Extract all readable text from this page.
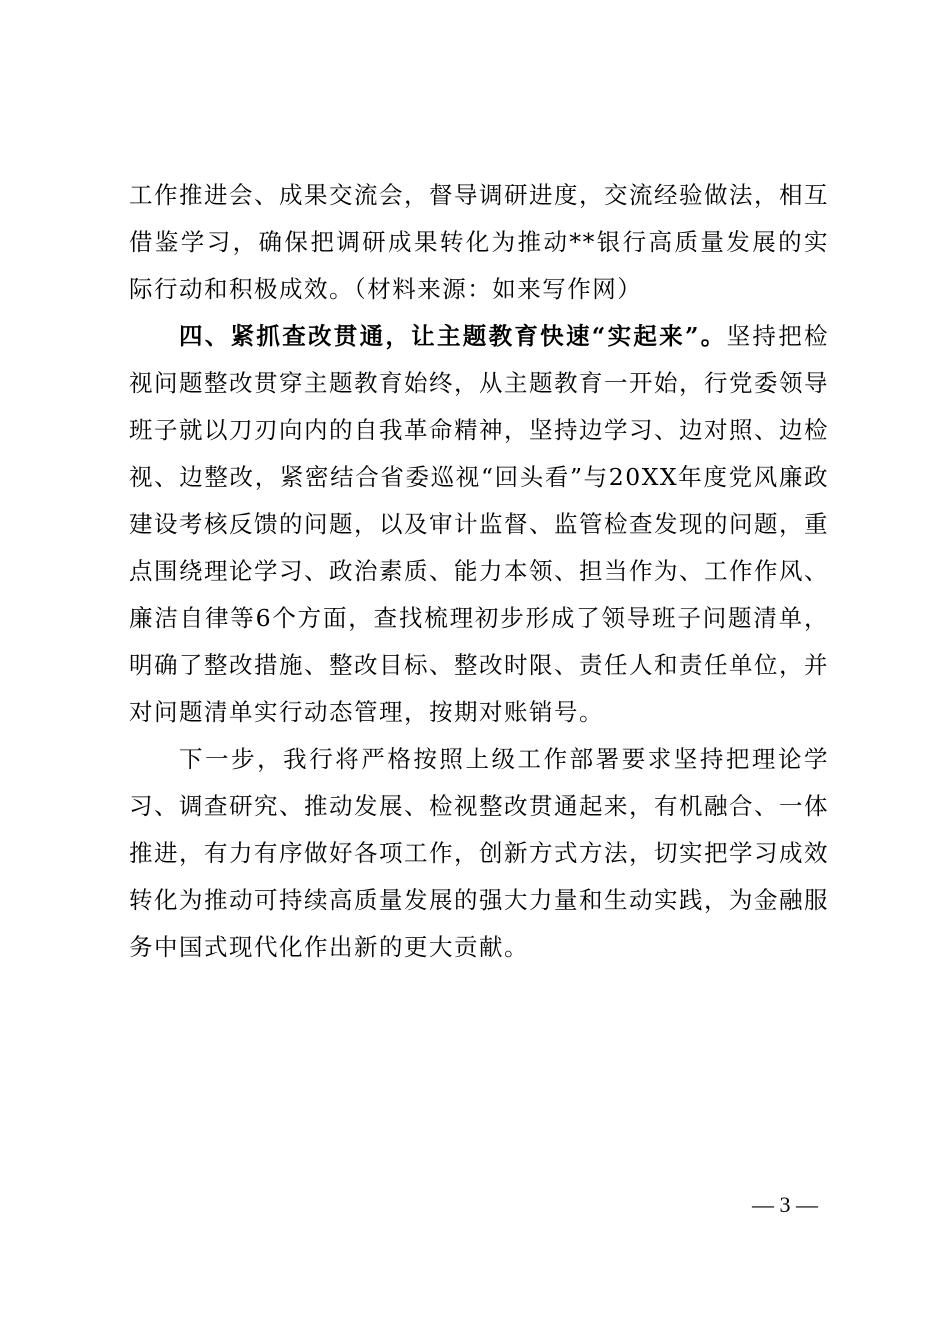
工作推进会、成果交流会，督导调研进度，交流经验做法，相互借鉴学习，确保把调研成果转化为推动**银行高质量发展的实际行动和积极成效。（材料来源：如来写作网）

四、紧抓查改贯通，让主题教育快速“实起来”。坚持把检视问题整改贯穿主题教育始终，从主题教育一开始，行党委领导班子就以刀刃向内的自我革命精神，坚持边学习、边对照、边检视、边整改，紧密结合省委巡视“回头看”与20XX年度党风廉政建设考核反馈的问题，以及审计监督、监管检查发现的问题，重点围绕理论学习、政治素质、能力本领、担当作为、工作作风、廉洁自律等6个方面，查找梳理初步形成了领导班子问题清单，明确了整改措施、整改目标、整改时限、责任人和责任单位，并对问题清单实行动态管理，按期对账销号。

下一步，我行将严格按照上级工作部署要求坚持把理论学习、调查研究、推动发展、检视整改贯通起来，有机融合、一体推进，有力有序做好各项工作，创新方式方法，切实把学习成效转化为推动可持续高质量发展的强大力量和生动实践，为金融服务中国式现代化作出新的更大贡献。

— 3 —
